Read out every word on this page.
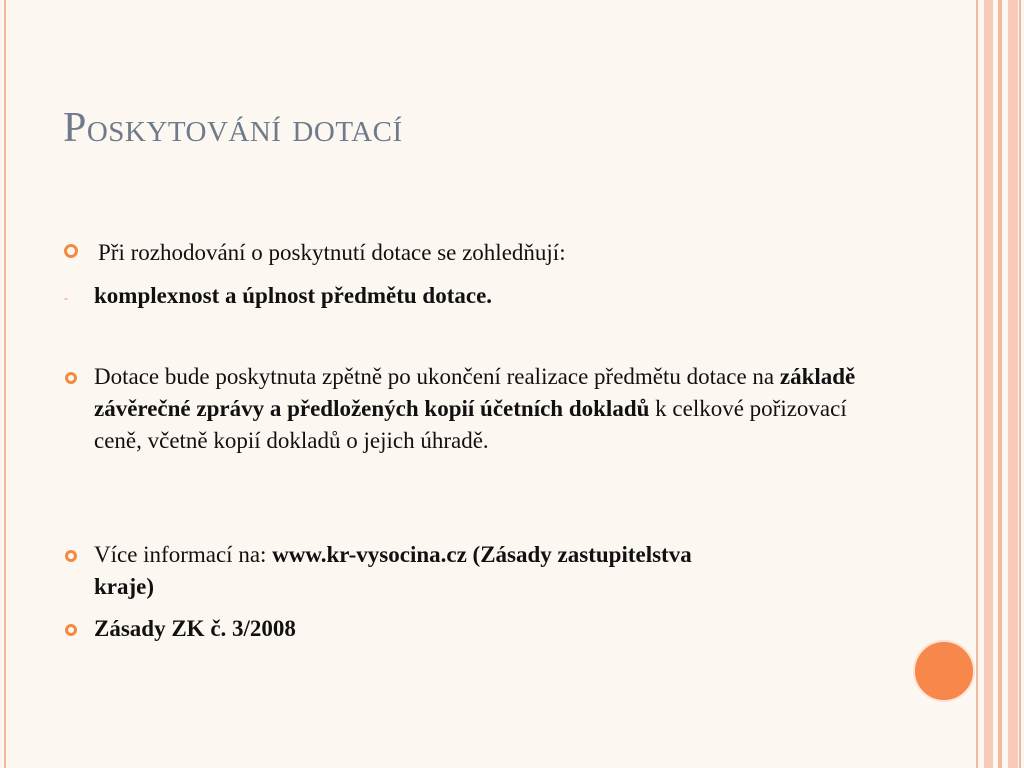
Poskytování dotací

Při rozhodování o poskytnutí dotace se zohledňují:

- komplexnost a úplnost předmětu dotace.

Dotace bude poskytnuta zpětně po ukončení realizace předmětu dotace na základě závěrečné zprávy a předložených kopií účetních dokladů k celkové pořizovací ceně, včetně kopií dokladů o jejich úhradě.

Více informací na: www.kr-vysocina.cz (Zásady zastupitelstva kraje)

Zásady ZK č. 3/2008
